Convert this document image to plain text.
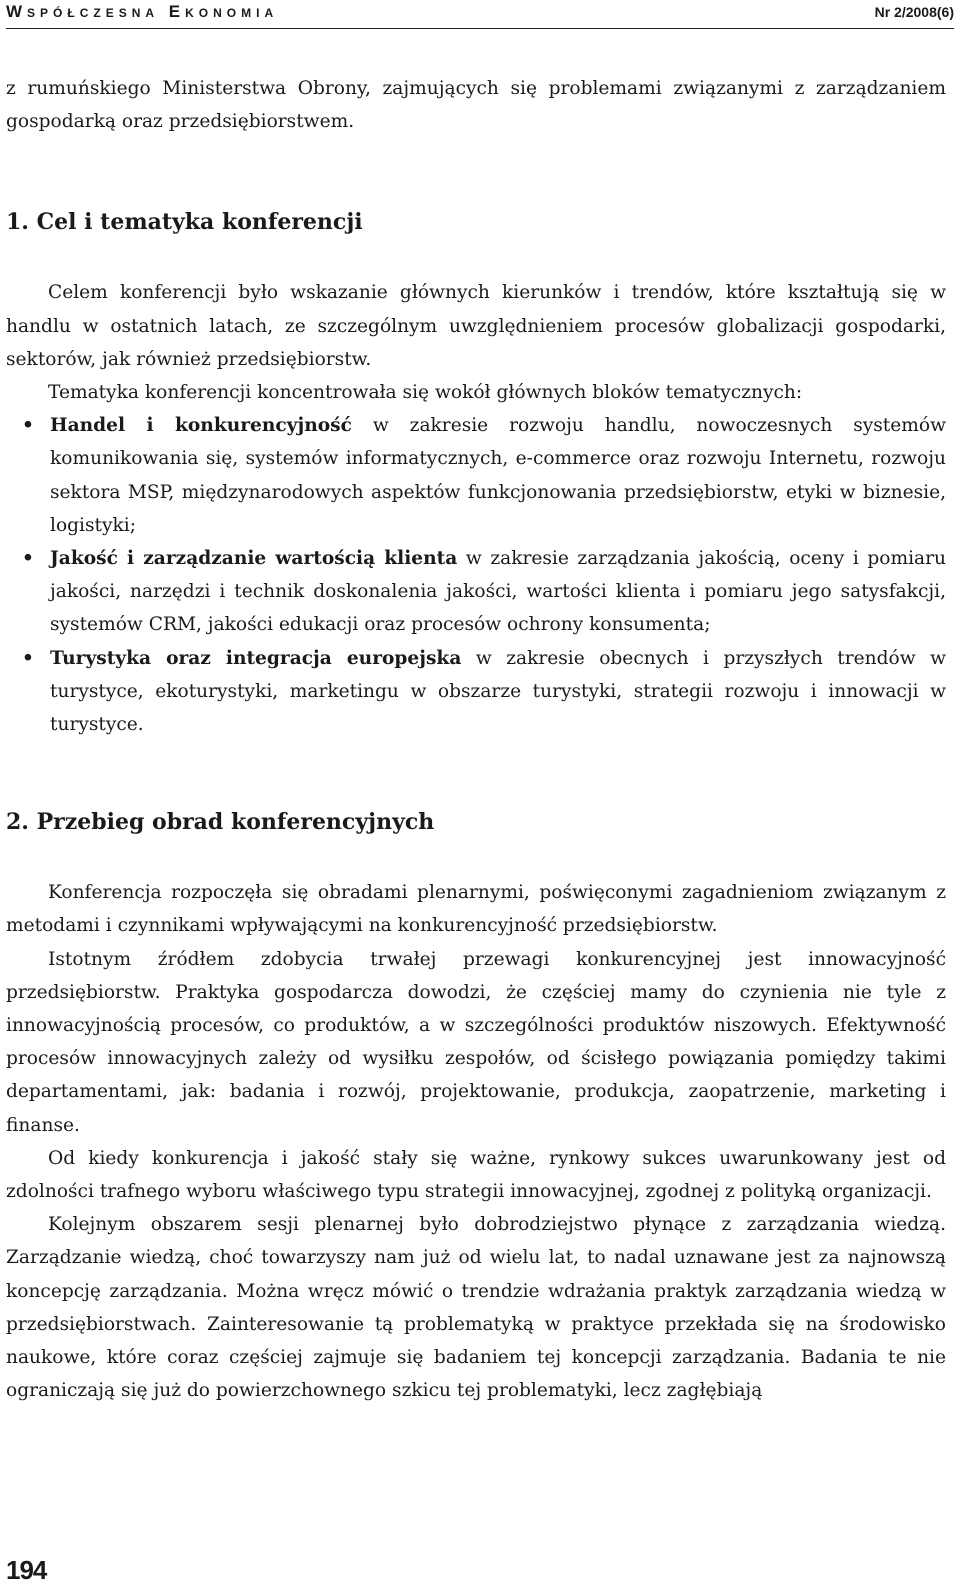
Współczesna Ekonomia	Nr 2/2008(6)

z rumuńskiego Ministerstwa Obrony, zajmujących się problemami związanymi z zarządzaniem gospodarką oraz przedsiębiorstwem.

1. Cel i tematyka konferencji

Celem konferencji było wskazanie głównych kierunków i trendów, które kształtują się w handlu w ostatnich latach, ze szczególnym uwzględnieniem procesów globalizacji gospodarki, sektorów, jak również przedsiębiorstw.

Tematyka konferencji koncentrowała się wokół głównych bloków tematycznych:

• Handel i konkurencyjność w zakresie rozwoju handlu, nowoczesnych systemów komunikowania się, systemów informatycznych, e-commerce oraz rozwoju Internetu, rozwoju sektora MSP, międzynarodowych aspektów funkcjonowania przedsiębiorstw, etyki w biznesie, logistyki;
• Jakość i zarządzanie wartością klienta w zakresie zarządzania jakością, oceny i pomiaru jakości, narzędzi i technik doskonalenia jakości, wartości klienta i pomiaru jego satysfakcji, systemów CRM, jakości edukacji oraz procesów ochrony konsumenta;
• Turystyka oraz integracja europejska w zakresie obecnych i przyszłych trendów w turystyce, ekoturystyki, marketingu w obszarze turystyki, strategii rozwoju i innowacji w turystyce.
2. Przebieg obrad konferencyjnych

Konferencja rozpoczęła się obradami plenarnymi, poświęconymi zagadnieniom związanym z metodami i czynnikami wpływającymi na konkurencyjność przedsiębiorstw.

Istotnym źródłem zdobycia trwałej przewagi konkurencyjnej jest innowacyjność przedsiębiorstw. Praktyka gospodarcza dowodzi, że częściej mamy do czynienia nie tyle z innowacyjnością procesów, co produktów, a w szczególności produktów niszowych. Efektywność procesów innowacyjnych zależy od wysiłku zespołów, od ścisłego powiązania pomiędzy takimi departamentami, jak: badania i rozwój, projektowanie, produkcja, zaopatrzenie, marketing i finanse.

Od kiedy konkurencja i jakość stały się ważne, rynkowy sukces uwarunkowany jest od zdolności trafnego wyboru właściwego typu strategii innowacyjnej, zgodnej z polityką organizacji.

Kolejnym obszarem sesji plenarnej było dobrodziejstwo płynące z zarządzania wiedzą. Zarządzanie wiedzą, choć towarzyszy nam już od wielu lat, to nadal uznawane jest za najnowszą koncepcję zarządzania. Można wręcz mówić o trendzie wdrażania praktyk zarządzania wiedzą w przedsiębiorstwach. Zainteresowanie tą problematyką w praktyce przekłada się na środowisko naukowe, które coraz częściej zajmuje się badaniem tej koncepcji zarządzania. Badania te nie ograniczają się już do powierzchownego szkicu tej problematyki, lecz zagłębiają

194
